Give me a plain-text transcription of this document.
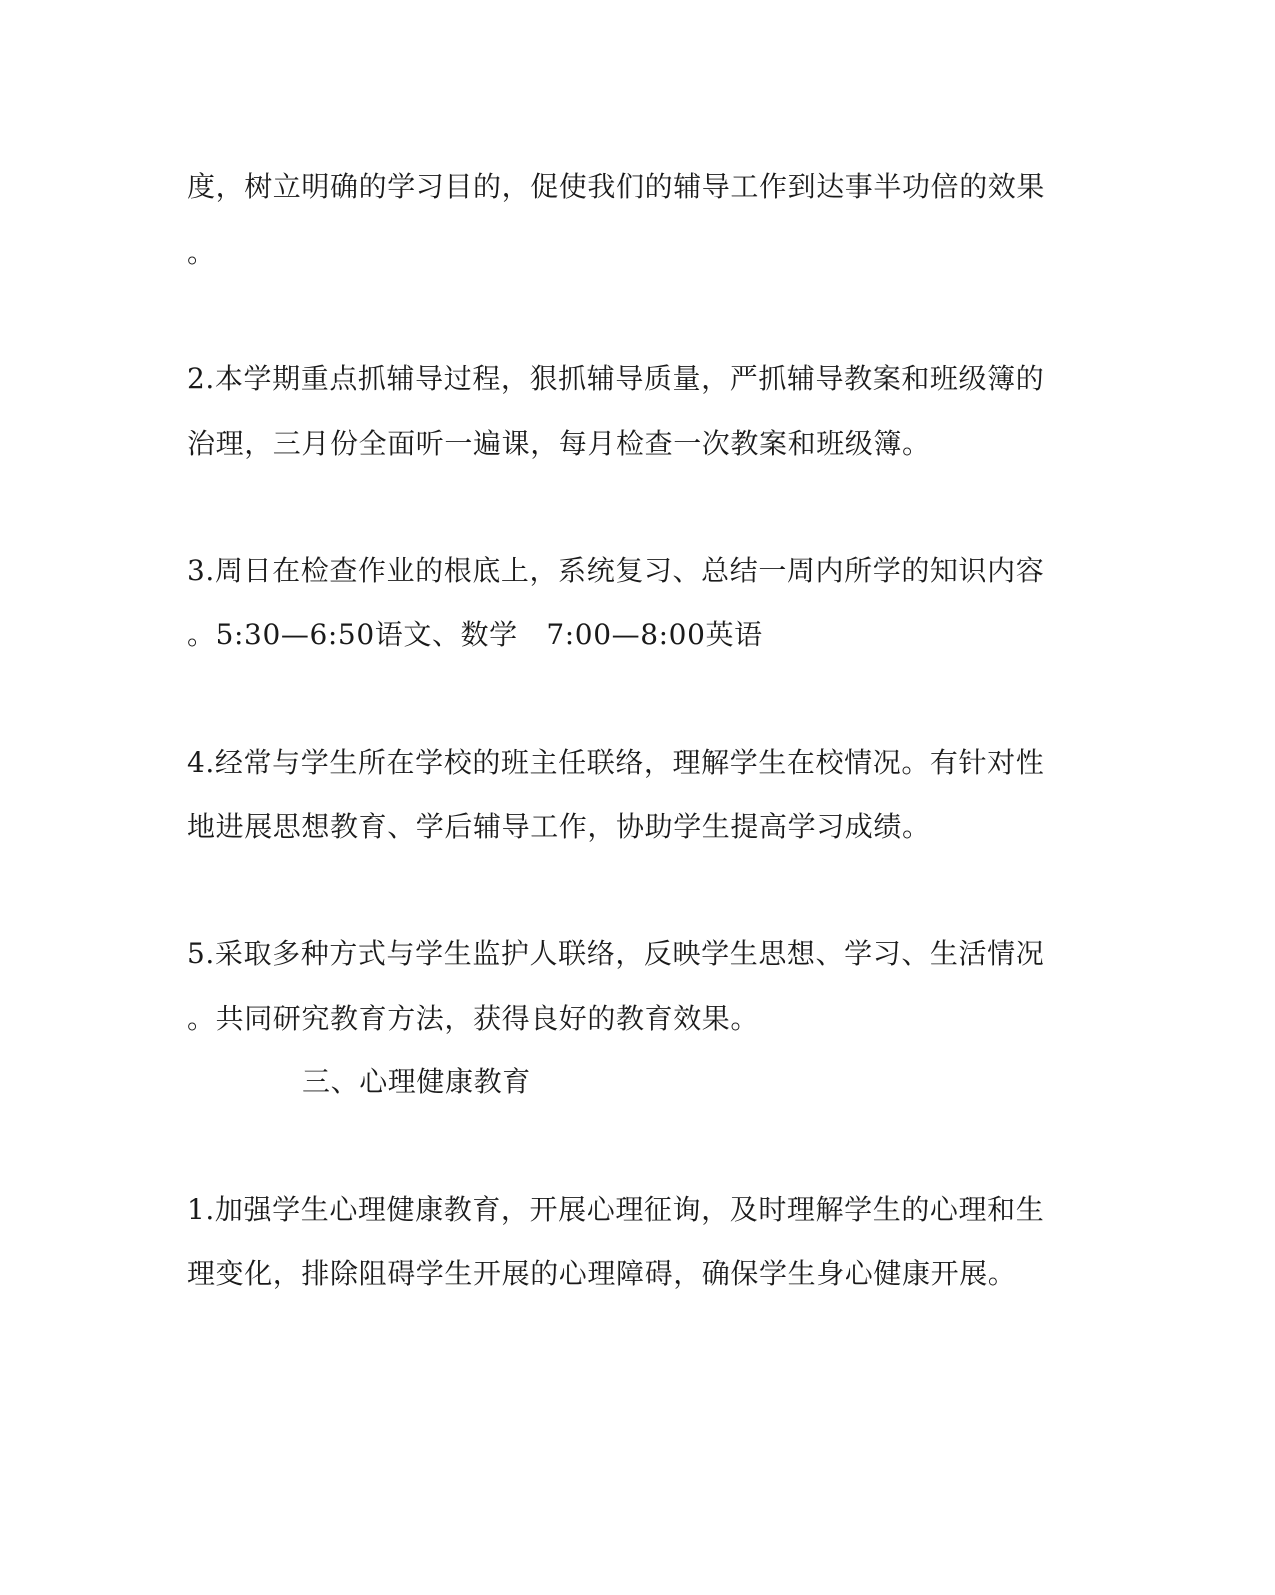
度，树立明确的学习目的，促使我们的辅导工作到达事半功倍的效果
。
2.本学期重点抓辅导过程，狠抓辅导质量，严抓辅导教案和班级簿的
治理，三月份全面听一遍课，每月检查一次教案和班级簿。
3.周日在检查作业的根底上，系统复习、总结一周内所学的知识内容
。5:30—6:50语文、数学　7:00—8:00英语
4.经常与学生所在学校的班主任联络，理解学生在校情况。有针对性
地进展思想教育、学后辅导工作，协助学生提高学习成绩。
5.采取多种方式与学生监护人联络，反映学生思想、学习、生活情况
。共同研究教育方法，获得良好的教育效果。
三、心理健康教育
1.加强学生心理健康教育，开展心理征询，及时理解学生的心理和生
理变化，排除阻碍学生开展的心理障碍，确保学生身心健康开展。
